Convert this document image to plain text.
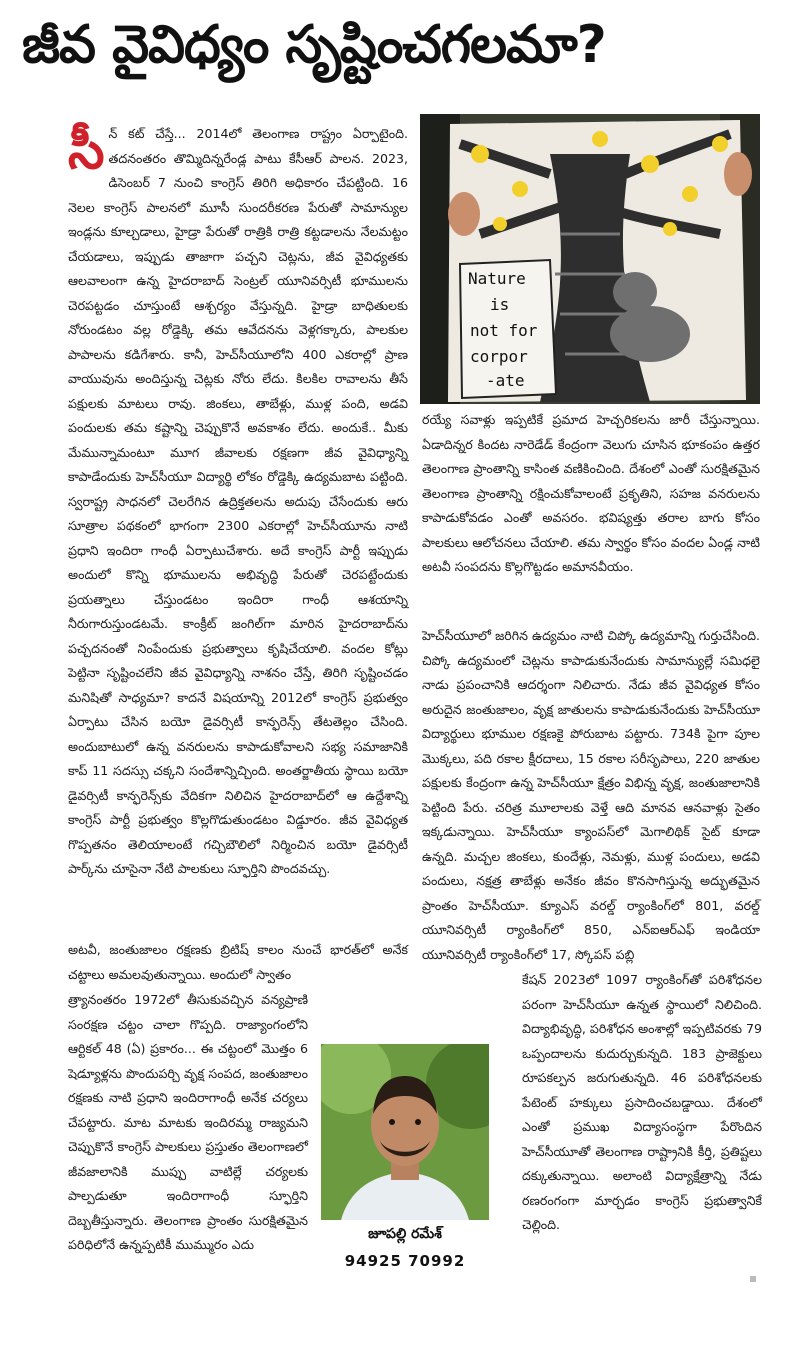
జీవ వైవిధ్యం సృష్టించగలమా?

సీన్ కట్ చేస్తే... 2014లో తెలంగాణ రాష్ట్రం ఏర్పాటైంది. తదనంతరం తొమ్మిదిన్నరేండ్ల పాటు కేసీఆర్ పాలన. 2023, డిసెంబర్ 7 నుంచి కాంగ్రెస్ తిరిగి అధికారం చేపట్టింది. 16 నెలల కాంగ్రెస్ పాలనలో మూసీ సుందరీకరణ పేరుతో సామాన్యుల ఇండ్లను కూల్చడాలు, హైడ్రా పేరుతో రాత్రికి రాత్రి కట్టడాలను నేలమట్టం చేయడాలు, ఇప్పుడు తాజాగా పచ్చని చెట్లను, జీవ వైవిధ్యతకు ఆలవాలంగా ఉన్న హైదరాబాద్ సెంట్రల్ యూనివర్సిటీ భూములను చెరపట్టడం చూస్తుంటే ఆశ్చర్యం వేస్తున్నది. హైడ్రా బాధితులకు నోరుండటం వల్ల రోడ్డెక్కి తమ ఆవేదనను వెళ్లగక్కారు, పాలకుల పాపాలను కడిగేశారు. కానీ, హెచ్‌సీయూలోని 400 ఎకరాల్లో ప్రాణ వాయువును అందిస్తున్న చెట్లకు నోరు లేదు. కిలకిల రావాలను తీసే పక్షులకు మాటలు రావు. జింకలు, తాబేళ్లు, ముళ్ల పంది, అడవి పందులకు తమ కష్టాన్ని చెప్పుకొనే అవకాశం లేదు. అందుకే.. మీకు మేమున్నామంటూ మూగ జీవాలకు రక్షణగా జీవ వైవిధ్యాన్ని కాపాడేందుకు హెచ్‌సీయూ విద్యార్థి లోకం రోడ్డెక్కి ఉద్యమబాట పట్టింది. స్వరాష్ట్ర సాధనలో చెలరేగిన ఉద్రిక్తతలను అదుపు చేసేందుకు ఆరు సూత్రాల పథకంలో భాగంగా 2300 ఎకరాల్లో హెచ్‌సీయూను నాటి ప్రధాని ఇందిరా గాంధీ ఏర్పాటుచేశారు. అదే కాంగ్రెస్ పార్టీ ఇప్పుడు అందులో కొన్ని భూములను అభివృద్ధి పేరుతో చెరపట్టేందుకు ప్రయత్నాలు చేస్తుండటం ఇందిరా గాంధీ ఆశయాన్ని నీరుగారుస్తుండటమే. కాంక్రీట్ జంగిల్‌గా మారిన హైదరాబాద్‌ను పచ్చదనంతో నింపేందుకు ప్రభుత్వాలు కృషిచేయాలి. వందల కోట్లు పెట్టినా సృష్టించలేని జీవ వైవిధ్యాన్ని నాశనం చేస్తే, తిరిగి సృష్టించడం మనిషితో సాధ్యమా? కాదనే విషయాన్ని 2012లో కాంగ్రెస్ ప్రభుత్వం ఏర్పాటు చేసిన బయో డైవర్సిటీ కాన్ఫరెన్స్ తేటతెల్లం చేసింది. అందుబాటులో ఉన్న వనరులను కాపాడుకోవాలని సభ్య సమాజానికి కాప్ 11 సదస్సు చక్కని సందేశాన్నిచ్చింది. అంతర్జాతీయ స్థాయి బయో డైవర్సిటీ కాన్ఫరెన్స్‌కు వేదికగా నిలిచిన హైదరాబాద్‌లో ఆ ఉద్దేశాన్ని కాంగ్రెస్ పార్టీ ప్రభుత్వం కొల్లగొడుతుండటం విడ్డూరం. జీవ వైవిధ్యత గొప్పతనం తెలియాలంటే గచ్చిబౌలిలో నిర్మించిన బయో డైవర్సిటీ పార్క్‌ను చూసైనా నేటి పాలకులు స్ఫూర్తిని పొందవచ్చు.

అటవీ, జంతుజాలం రక్షణకు బ్రిటిష్ కాలం నుంచే భారత్‌లో అనేక చట్టాలు అమలవుతున్నాయి. అందులో స్వాతం

త్ర్యానంతరం 1972లో తీసుకువచ్చిన వన్యప్రాణి సంరక్షణ చట్టం చాలా గొప్పది. రాజ్యాంగంలోని ఆర్టికల్ 48 (ఏ) ప్రకారం... ఈ చట్టంలో మొత్తం 6 షెడ్యూళ్లను పొందుపర్చి వృక్ష సంపద, జంతుజాలం రక్షణకు నాటి ప్రధాని ఇందిరాగాంధీ అనేక చర్యలు చేపట్టారు. మాట మాటకు ఇందిరమ్మ రాజ్యమని చెప్పుకొనే కాంగ్రెస్ పాలకులు ప్రస్తుతం తెలంగాణలో జీవజాలానికి ముప్పు వాటిల్లే చర్యలకు పాల్పడుతూ ఇందిరాగాంధీ స్ఫూర్తిని దెబ్బతీస్తున్నారు. తెలంగాణ ప్రాంతం సురక్షితమైన పరిధిలోనే ఉన్నప్పటికీ ముమ్మురం ఎదు

Nature
is
not for
corpor
-ate

రయ్యే సవాళ్లు ఇప్పటికే ప్రమాద హెచ్చరికలను జారీ చేస్తున్నాయి. ఏడాదిన్నర కిందట నారెడేడ్ కేంద్రంగా వెలుగు చూసిన భూకంపం ఉత్తర తెలంగాణ ప్రాంతాన్ని కాసింత వణికించింది. దేశంలో ఎంతో సురక్షితమైన తెలంగాణ ప్రాంతాన్ని రక్షించుకోవాలంటే ప్రకృతిని, సహజ వనరులను కాపాడుకోవడం ఎంతో అవసరం. భవిష్యత్తు తరాల బాగు కోసం పాలకులు ఆలోచనలు చేయాలి. తమ స్వార్థం కోసం వందల ఏండ్ల నాటి అటవీ సంపదను కొల్లగొట్టడం అమానవీయం.

హెచ్‌సీయూలో జరిగిన ఉద్యమం నాటి చిప్కో ఉద్యమాన్ని గుర్తుచేసింది. చిప్కో ఉద్యమంలో చెట్లను కాపాడుకునేందుకు సామాన్యుల్లే సమిధలై నాడు ప్రపంచానికి ఆదర్శంగా నిలిచారు. నేడు జీవ వైవిధ్యత కోసం అరుదైన జంతుజాలం, వృక్ష జాతులను కాపాడుకునేందుకు హెచ్‌సీయూ విద్యార్థులు భూముల రక్షణకై పోరుబాట పట్టారు. 734కి పైగా పూల మొక్కలు, పది రకాల క్షీరదాలు, 15 రకాల సరీసృపాలు, 220 జాతుల పక్షులకు కేంద్రంగా ఉన్న హెచ్‌సీయూ క్షేత్రం విభిన్న వృక్ష, జంతుజాలానికి పెట్టింది పేరు. చరిత్ర మూలాలకు వెళ్తే ఆది మానవ ఆనవాళ్లు సైతం ఇక్కడున్నాయి. హెచ్‌సీయూ క్యాంపస్‌లో మెగాలిథిక్ సైట్ కూడా ఉన్నది. మచ్చల జింకలు, కుందేళ్లు, నెమళ్లు, ముళ్ల పందులు, అడవి పందులు, నక్షత్ర తాబేళ్లు అనేకం జీవం కొనసాగిస్తున్న అద్భుతమైన ప్రాంతం హెచ్‌సీయూ. క్యూఎస్ వరల్డ్ ర్యాంకింగ్‌లో 801, వరల్డ్ యూనివర్సిటీ ర్యాంకింగ్‌లో 850, ఎన్ఐఆర్ఎఫ్ ఇండియా యూనివర్సిటీ ర్యాంకింగ్‌లో 17, స్కోపస్ పబ్లి

కేషన్ 2023లో 1097 ర్యాంకింగ్‌తో పరిశోధనల పరంగా హెచ్‌సీయూ ఉన్నత స్థాయిలో నిలిచింది. విద్యాభివృద్ధి, పరిశోధన అంశాల్లో ఇప్పటివరకు 79 ఒప్పందాలను కుదుర్చుకున్నది. 183 ప్రాజెక్టులు రూపకల్పన జరుగుతున్నది. 46 పరిశోధనలకు పేటెంట్ హక్కులు ప్రసాదించబడ్డాయి. దేశంలో ఎంతో ప్రముఖ విద్యాసంస్థగా పేరొందిన హెచ్‌సీయూతో తెలంగాణ రాష్ట్రానికి కీర్తి, ప్రతిష్టలు దక్కుతున్నాయి. అలాంటి విద్యాక్షేత్రాన్ని నేడు రణరంగంగా మార్చడం కాంగ్రెస్ ప్రభుత్వానికే చెల్లింది.

జూపల్లి రమేశ్
94925 70992
